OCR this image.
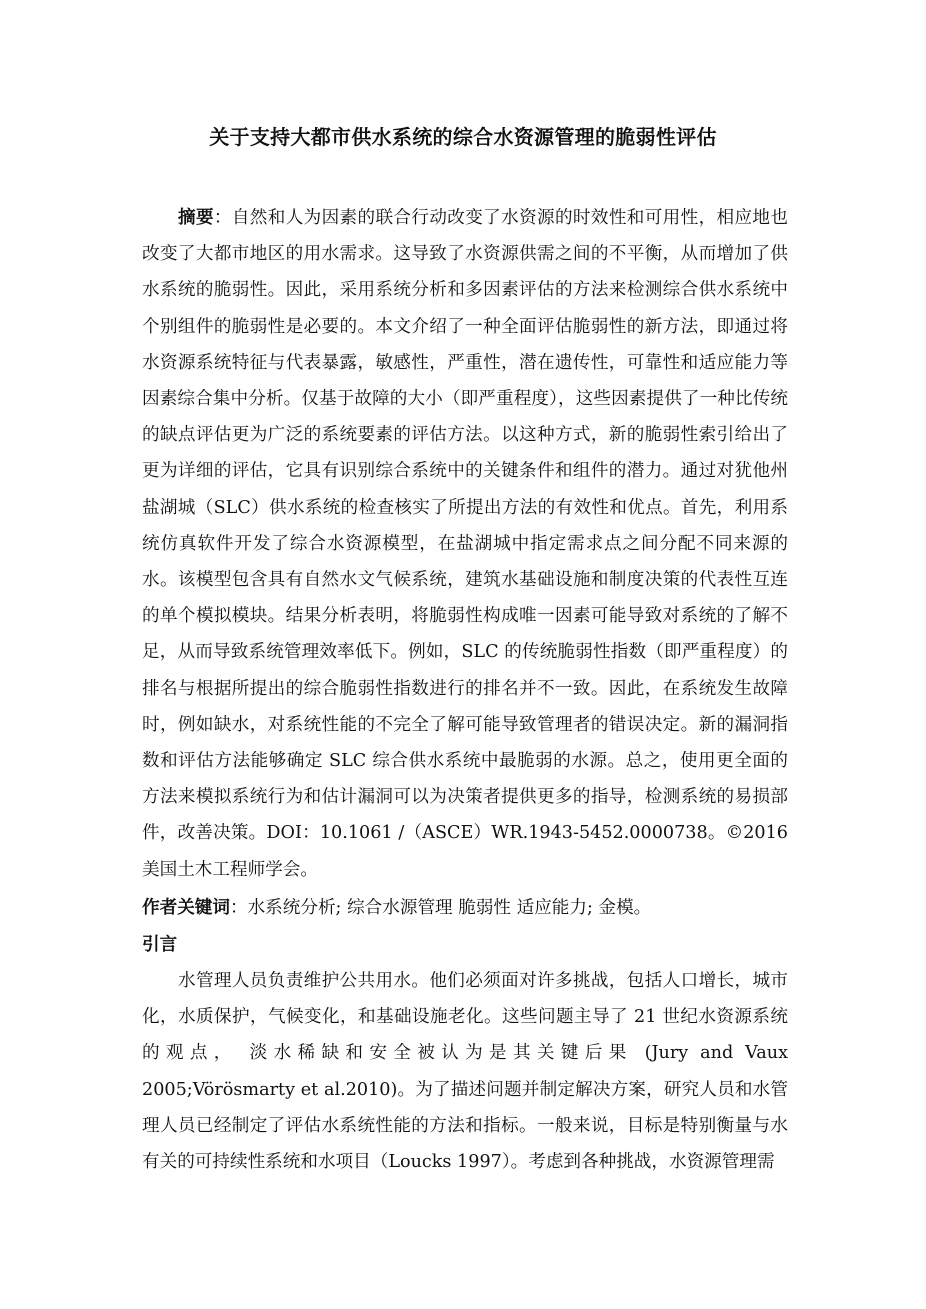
关于支持大都市供水系统的综合水资源管理的脆弱性评估

摘要：自然和人为因素的联合行动改变了水资源的时效性和可用性，相应地也改变了大都市地区的用水需求。这导致了水资源供需之间的不平衡，从而增加了供水系统的脆弱性。因此，采用系统分析和多因素评估的方法来检测综合供水系统中个别组件的脆弱性是必要的。本文介绍了一种全面评估脆弱性的新方法，即通过将水资源系统特征与代表暴露，敏感性，严重性，潜在遗传性，可靠性和适应能力等因素综合集中分析。仅基于故障的大小（即严重程度），这些因素提供了一种比传统的缺点评估更为广泛的系统要素的评估方法。以这种方式，新的脆弱性索引给出了更为详细的评估，它具有识别综合系统中的关键条件和组件的潜力。通过对犹他州盐湖城（SLC）供水系统的检查核实了所提出方法的有效性和优点。首先，利用系统仿真软件开发了综合水资源模型，在盐湖城中指定需求点之间分配不同来源的水。该模型包含具有自然水文气候系统，建筑水基础设施和制度决策的代表性互连的单个模拟模块。结果分析表明，将脆弱性构成唯一因素可能导致对系统的了解不足，从而导致系统管理效率低下。例如，SLC 的传统脆弱性指数（即严重程度）的排名与根据所提出的综合脆弱性指数进行的排名并不一致。因此，在系统发生故障时，例如缺水，对系统性能的不完全了解可能导致管理者的错误决定。新的漏洞指数和评估方法能够确定 SLC 综合供水系统中最脆弱的水源。总之，使用更全面的方法来模拟系统行为和估计漏洞可以为决策者提供更多的指导，检测系统的易损部件，改善决策。DOI：10.1061 /（ASCE）WR.1943-5452.0000738。©2016 美国土木工程师学会。

作者关键词：水系统分析; 综合水源管理 脆弱性 适应能力; 金模。
引言

水管理人员负责维护公共用水。他们必须面对许多挑战，包括人口增长，城市化，水质保护，气候变化，和基础设施老化。这些问题主导了 21 世纪水资源系统的观点， 淡水稀缺和安全被认为是其关键后果 (Jury and Vaux 2005;Vörösmarty et al.2010)。为了描述问题并制定解决方案，研究人员和水管理人员已经制定了评估水系统性能的方法和指标。一般来说，目标是特别衡量与水有关的可持续性系统和水项目（Loucks 1997）。考虑到各种挑战，水资源管理需
